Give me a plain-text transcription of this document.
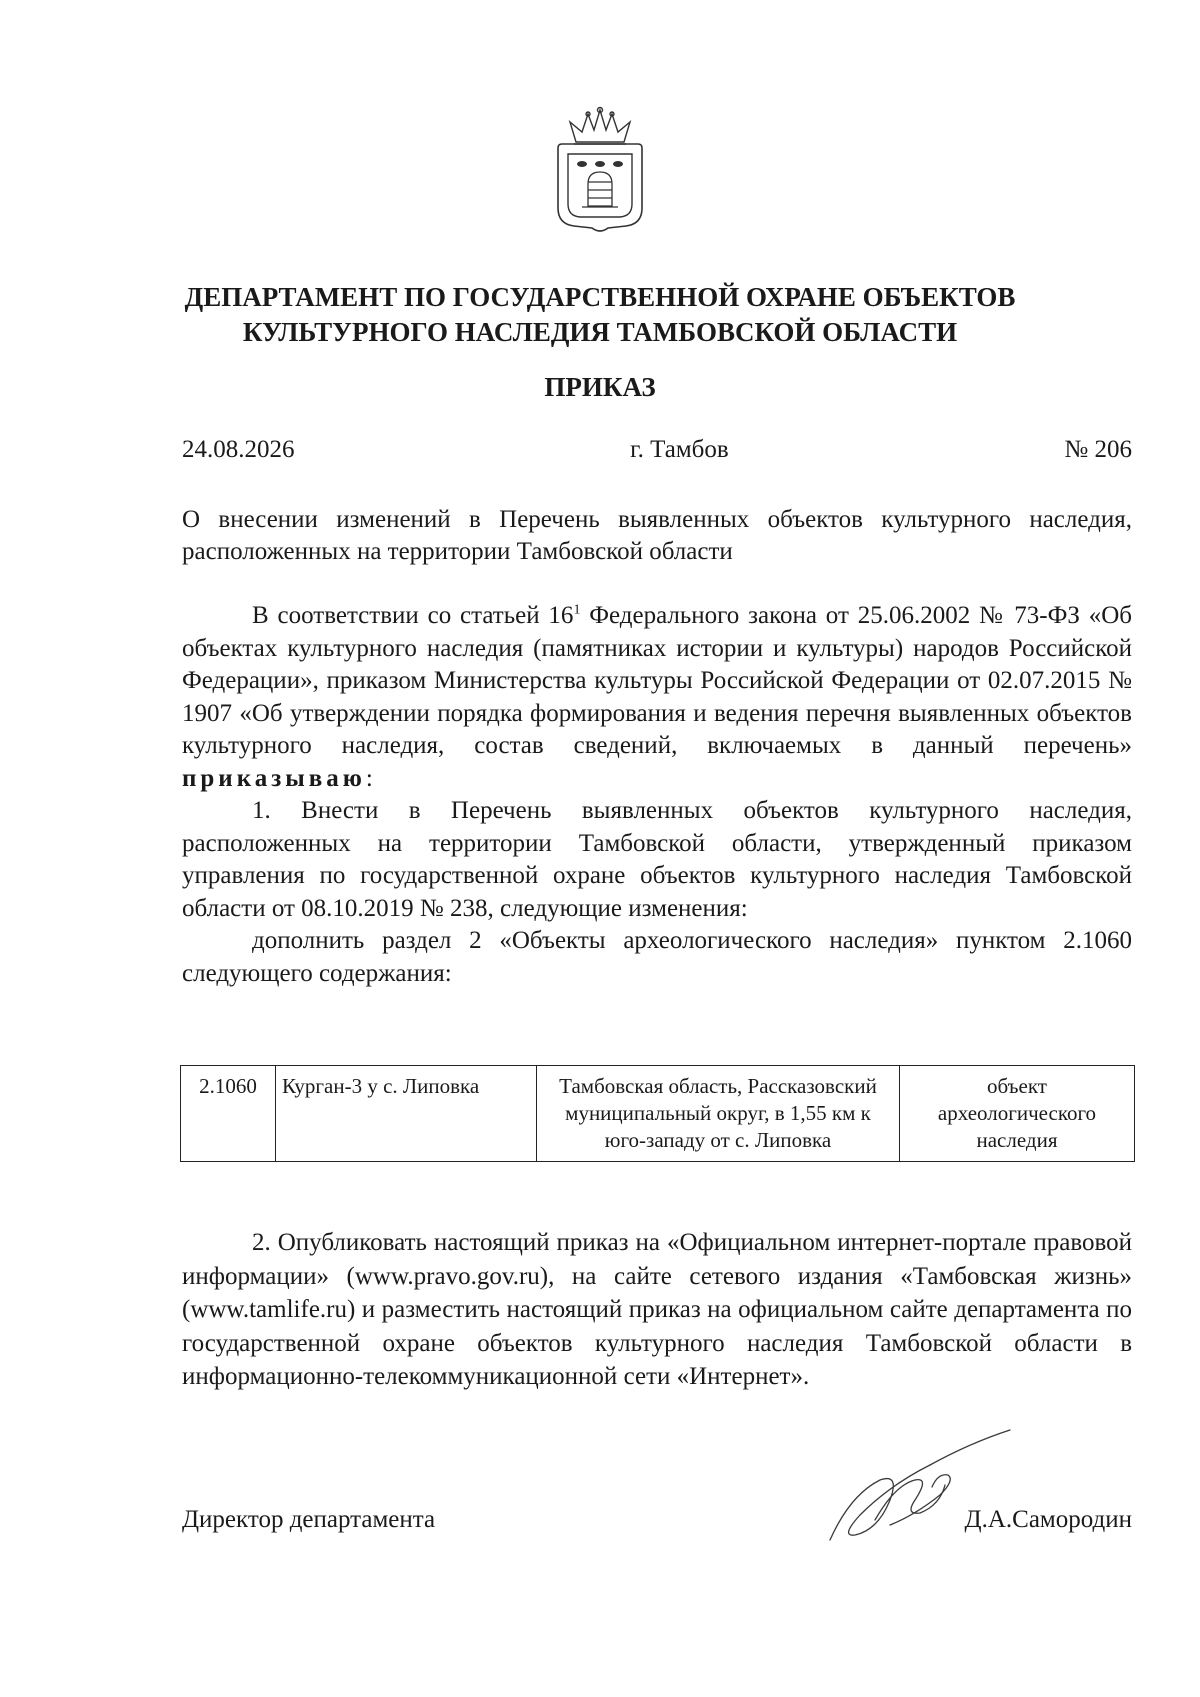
ДЕПАРТАМЕНТ ПО ГОСУДАРСТВЕННОЙ ОХРАНЕ ОБЪЕКТОВ
КУЛЬТУРНОГО НАСЛЕДИЯ ТАМБОВСКОЙ ОБЛАСТИ
ПРИКАЗ
24.08.2026	г. Тамбов	№ 206
О внесении изменений в Перечень выявленных объектов культурного наследия, расположенных на территории Тамбовской области

В соответствии со статьей $16^1$ Федерального закона от 25.06.2002 № 73-ФЗ «Об объектах культурного наследия (памятниках истории и культуры) народов Российской Федерации», приказом Министерства культуры Российской Федерации от 02.07.2015 № 1907 «Об утверждении порядка формирования и ведения перечня выявленных объектов культурного наследия, состав сведений, включаемых в данный перечень» приказываю:

1. Внести в Перечень выявленных объектов культурного наследия, расположенных на территории Тамбовской области, утвержденный приказом управления по государственной охране объектов культурного наследия Тамбовской области от 08.10.2019 № 238, следующие изменения:

дополнить раздел 2 «Объекты археологического наследия» пунктом 2.1060 следующего содержания:

2.1060	Курган-3 у с. Липовка	Тамбовская область, Рассказовский муниципальный округ, в 1,55 км к юго-западу от с. Липовка	объект археологического наследия

2. Опубликовать настоящий приказ на «Официальном интернет-портале правовой информации» (www.pravo.gov.ru), на сайте сетевого издания «Тамбовская жизнь» (www.tamlife.ru) и разместить настоящий приказ на официальном сайте департамента по государственной охране объектов культурного наследия Тамбовской области в информационно-телекоммуникационной сети «Интернет».

Директор департамента	Д.А.Самородин
